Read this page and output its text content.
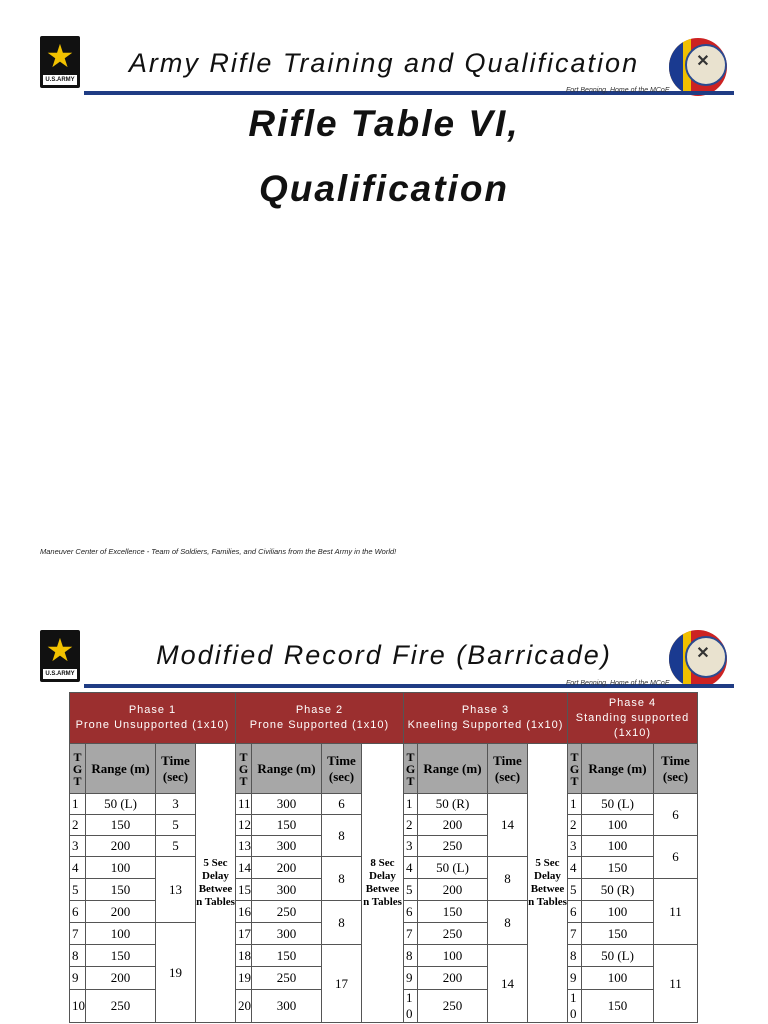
★
U.S.ARMY
Army Rifle Training and Qualification	✕
Fort Benning, Home of the MCoE
Rifle Table VI,
Qualification
Maneuver Center of Excellence - Team of Soldiers, Families, and Civilians from the Best Army in the World!
★
U.S.ARMY
Modified Record Fire (Barricade)	✕
Fort Benning, Home of the MCoE
Phase 1
Prone Unsupported (1x10)				Phase 2
Prone Supported (1x10)				Phase 3
Kneeling Supported (1x10)				Phase 4
Standing supported
(1x10)		
T G T	Range (m)	Time (sec)	5 Sec Delay Betwee n Tables	T G T	Range (m)	Time (sec)	8 Sec Delay Betwee n Tables	T G T	Range (m)	Time (sec)	5 Sec Delay Betwee n Tables	T G T	Range (m)	Time (sec)
1	50 (L)	3		11	300	6		1	50 (R)	14		1	50 (L)	6
2	150	5		12	150	8		2	200			2	100	
3	200	5		13	300			3	250			3	100	6
4	100	13		14	200	8		4	50 (L)	8		4	150	
5	150			15	300			5	200			5	50 (R)	11
6	200			16	250	8		6	150	8		6	100	
7	100	19		17	300			7	250			7	150	
8	150			18	150	17		8	100	14		8	50 (L)	11
9	200			19	250			9	200			9	100	
10	250			20	300			1 0	250			1 0	150	
